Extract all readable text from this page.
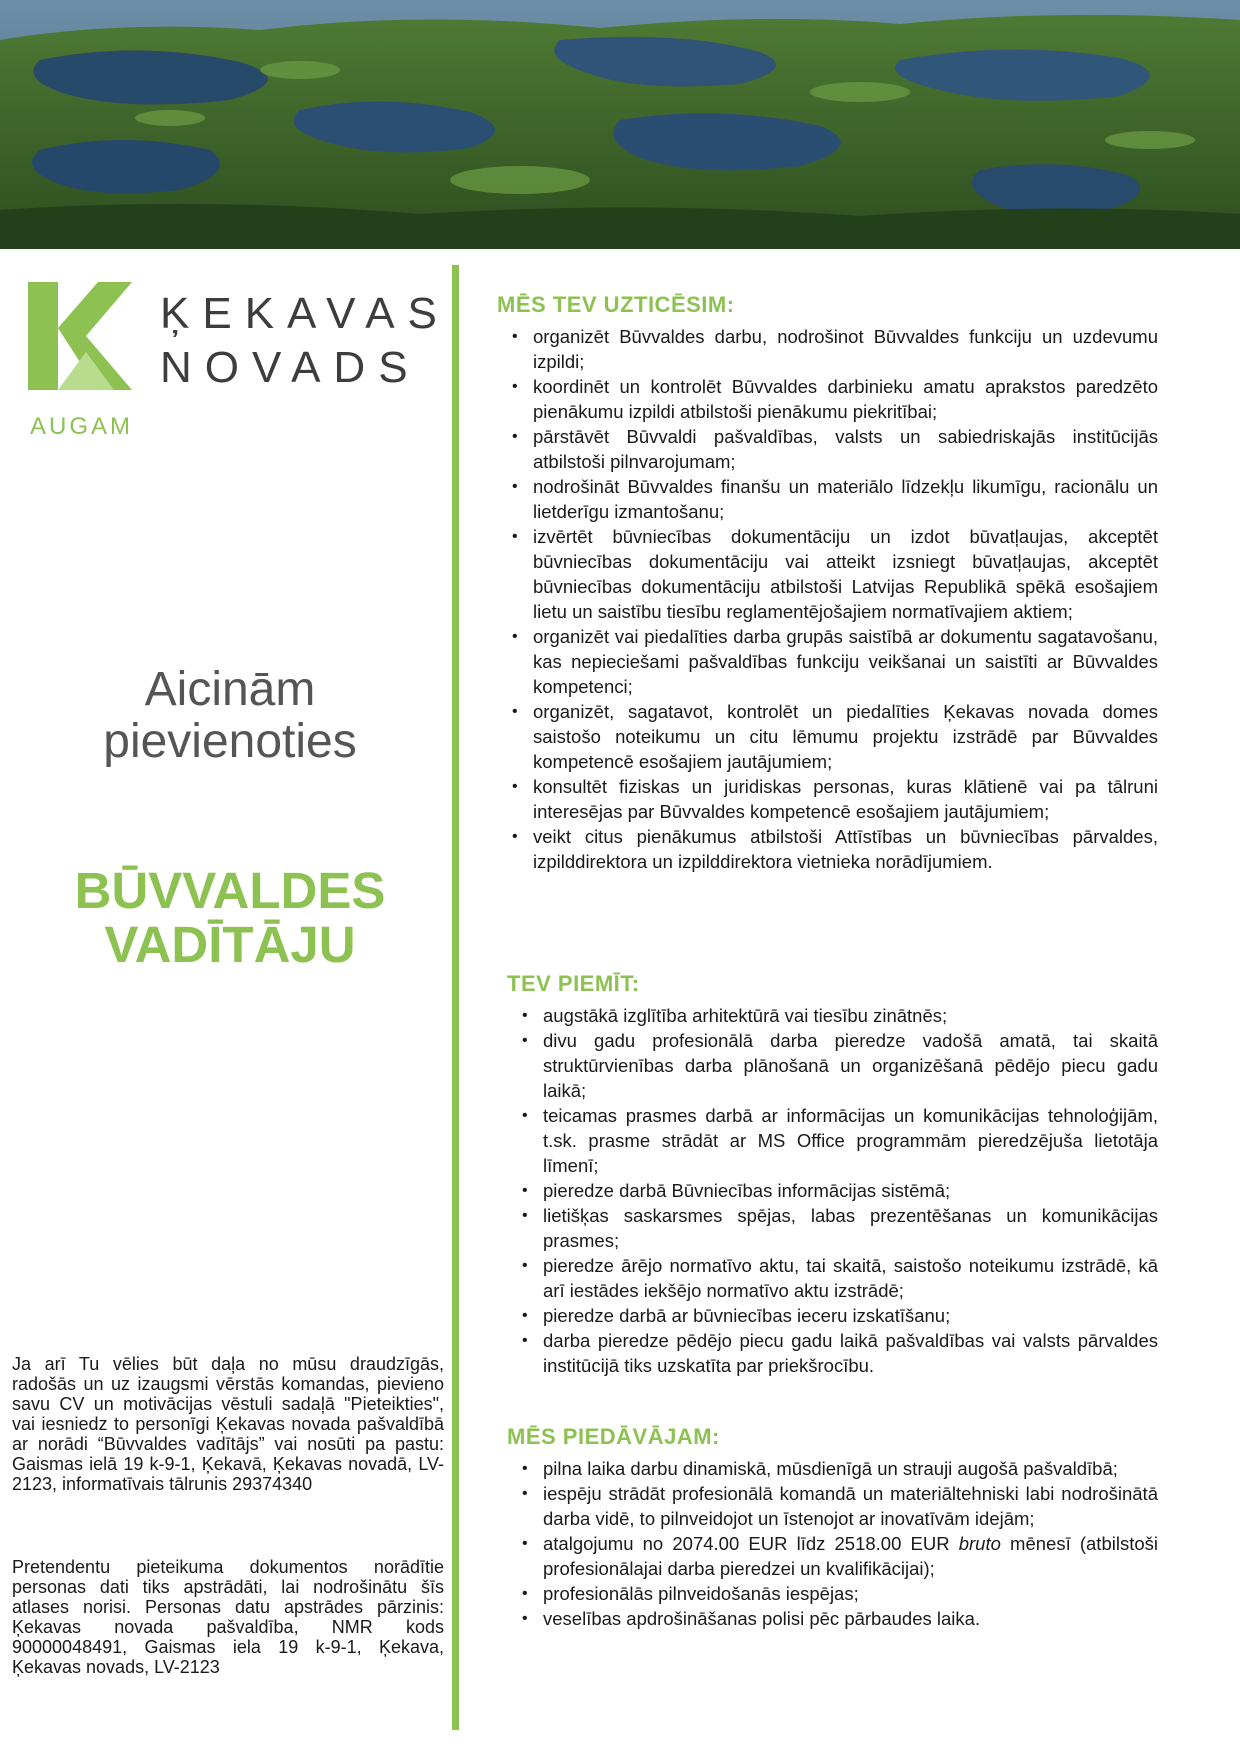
ĶEKAVAS
NOVADS
AUGAM
Aicinām
pievienoties
BŪVVALDES
VADĪTĀJU
Ja arī Tu vēlies būt daļa no mūsu draudzīgās, radošās un uz izaugsmi vērstās komandas, pievieno savu CV un motivācijas vēstuli sadaļā "Pieteikties", vai iesniedz to personīgi Ķekavas novada pašvaldībā ar norādi “Būvvaldes vadītājs” vai nosūti pa pastu: Gaismas ielā 19 k-9-1, Ķekavā, Ķekavas novadā, LV-2123, informatīvais tālrunis 29374340
Pretendentu pieteikuma dokumentos norādītie personas dati tiks apstrādāti, lai nodrošinātu šīs atlases norisi. Personas datu apstrādes pārzinis: Ķekavas novada pašvaldība, NMR kods 90000048491, Gaismas iela 19 k-9-1, Ķekava, Ķekavas novads, LV-2123
MĒS TEV UZTICĒSIM:
• organizēt Būvvaldes darbu, nodrošinot Būvvaldes funkciju un uzdevumu izpildi;
• koordinēt un kontrolēt Būvvaldes darbinieku amatu aprakstos paredzēto pienākumu izpildi atbilstoši pienākumu piekritībai;
• pārstāvēt Būvvaldi pašvaldības, valsts un sabiedriskajās institūcijās atbilstoši pilnvarojumam;
• nodrošināt Būvvaldes finanšu un materiālo līdzekļu likumīgu, racionālu un lietderīgu izmantošanu;
• izvērtēt būvniecības dokumentāciju un izdot būvatļaujas, akceptēt būvniecības dokumentāciju vai atteikt izsniegt būvatļaujas, akceptēt būvniecības dokumentāciju atbilstoši Latvijas Republikā spēkā esošajiem lietu un saistību tiesību reglamentējošajiem normatīvajiem aktiem;
• organizēt vai piedalīties darba grupās saistībā ar dokumentu sagatavošanu, kas nepieciešami pašvaldības funkciju veikšanai un saistīti ar Būvvaldes kompetenci;
• organizēt, sagatavot, kontrolēt un piedalīties Ķekavas novada domes saistošo noteikumu un citu lēmumu projektu izstrādē par Būvvaldes kompetencē esošajiem jautājumiem;
• konsultēt fiziskas un juridiskas personas, kuras klātienē vai pa tālruni interesējas par Būvvaldes kompetencē esošajiem jautājumiem;
• veikt citus pienākumus atbilstoši Attīstības un būvniecības pārvaldes, izpilddirektora un izpilddirektora vietnieka norādījumiem.
TEV PIEMĪT:
• augstākā izglītība arhitektūrā vai tiesību zinātnēs;
• divu gadu profesionālā darba pieredze vadošā amatā, tai skaitā struktūrvienības darba plānošanā un organizēšanā pēdējo piecu gadu laikā;
• teicamas prasmes darbā ar informācijas un komunikācijas tehnoloģijām, t.sk. prasme strādāt ar MS Office programmām pieredzējuša lietotāja līmenī;
• pieredze darbā Būvniecības informācijas sistēmā;
• lietišķas saskarsmes spējas, labas prezentēšanas un komunikācijas prasmes;
• pieredze ārējo normatīvo aktu, tai skaitā, saistošo noteikumu izstrādē, kā arī iestādes iekšējo normatīvo aktu izstrādē;
• pieredze darbā ar būvniecības ieceru izskatīšanu;
• darba pieredze pēdējo piecu gadu laikā pašvaldības vai valsts pārvaldes institūcijā tiks uzskatīta par priekšrocību.
MĒS PIEDĀVĀJAM:
• pilna laika darbu dinamiskā, mūsdienīgā un strauji augošā pašvaldībā;
• iespēju strādāt profesionālā komandā un materiāltehniski labi nodrošinātā darba vidē, to pilnveidojot un īstenojot ar inovatīvām idejām;
• atalgojumu no 2074.00 EUR līdz 2518.00 EUR bruto mēnesī (atbilstoši profesionālajai darba pieredzei un kvalifikācijai);
• profesionālās pilnveidošanās iespējas;
• veselības apdrošināšanas polisi pēc pārbaudes laika.
